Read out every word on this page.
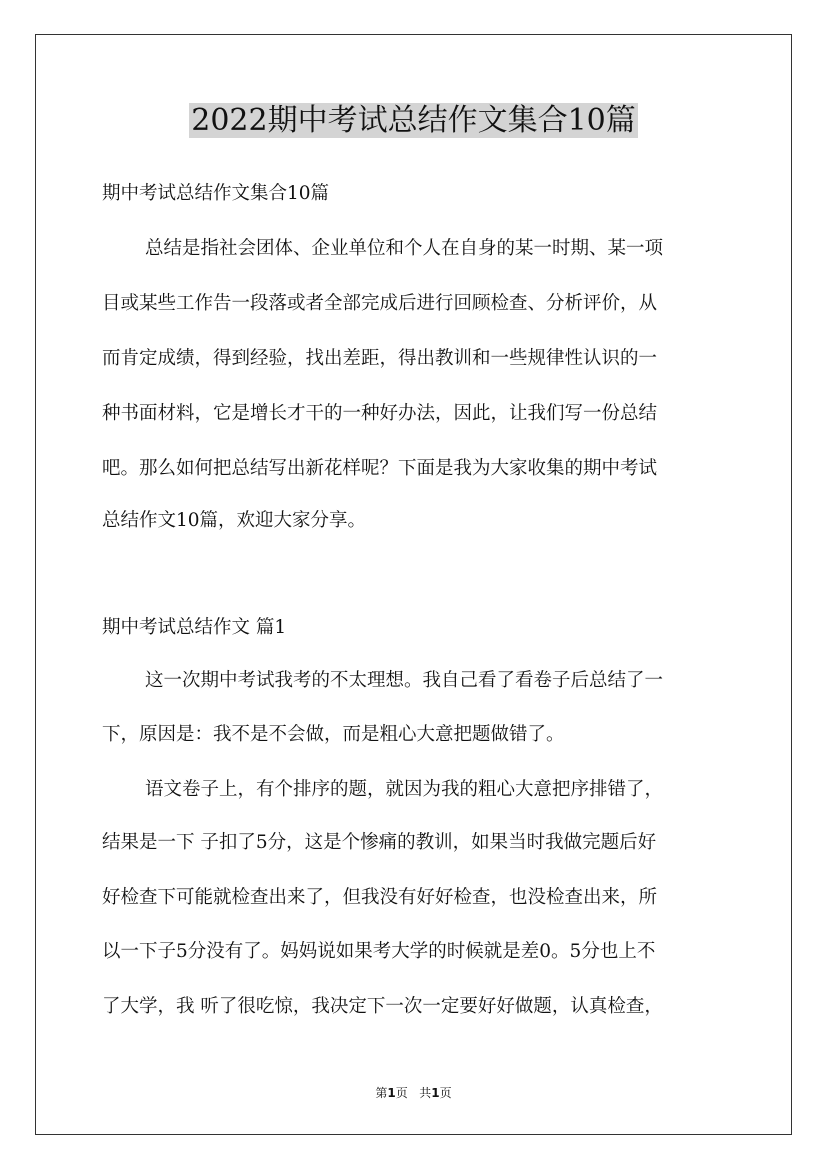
2022期中考试总结作文集合10篇

期中考试总结作文集合10篇

总结是指社会团体、企业单位和个人在自身的某一时期、某一项

目或某些工作告一段落或者全部完成后进行回顾检查、分析评价，从

而肯定成绩，得到经验，找出差距，得出教训和一些规律性认识的一

种书面材料，它是增长才干的一种好办法，因此，让我们写一份总结

吧。那么如何把总结写出新花样呢？下面是我为大家收集的期中考试

总结作文10篇，欢迎大家分享。

期中考试总结作文 篇1

这一次期中考试我考的不太理想。我自己看了看卷子后总结了一

下，原因是：我不是不会做，而是粗心大意把题做错了。

语文卷子上，有个排序的题，就因为我的粗心大意把序排错了，

结果是一下 子扣了5分，这是个惨痛的教训，如果当时我做完题后好

好检查下可能就检查出来了，但我没有好好检查，也没检查出来，所

以一下子5分没有了。妈妈说如果考大学的时候就是差0。5分也上不

了大学，我 听了很吃惊，我决定下一次一定要好好做题，认真检查，

第1页 共1页
